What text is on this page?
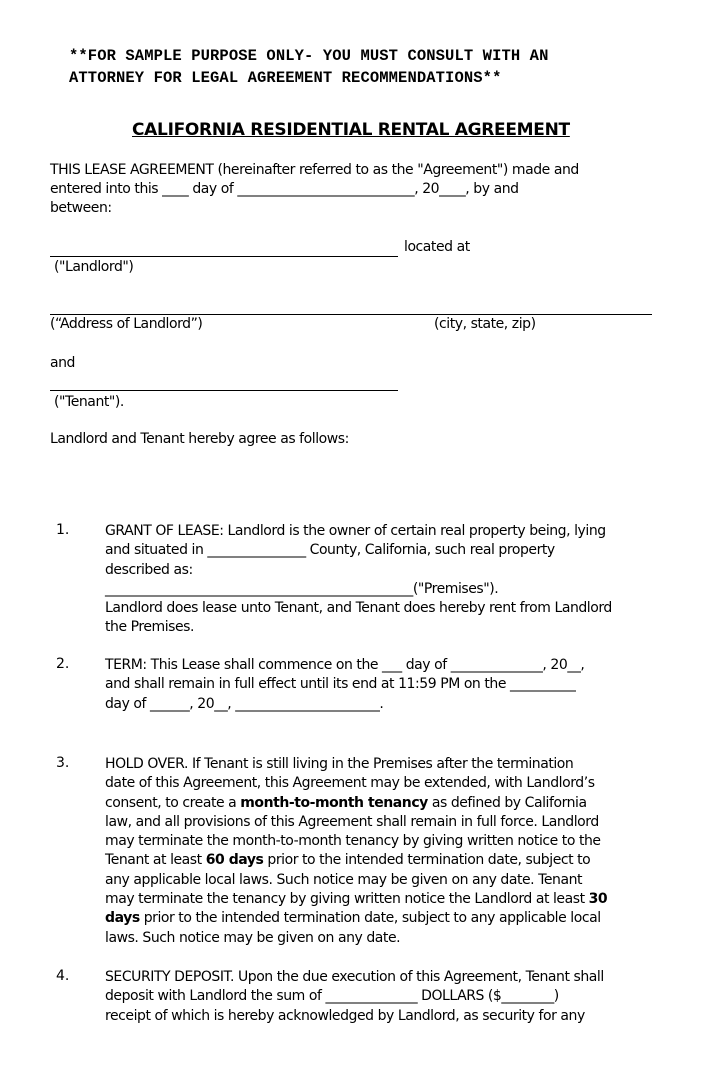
**FOR SAMPLE PURPOSE ONLY- YOU MUST CONSULT WITH AN
ATTORNEY FOR LEGAL AGREEMENT RECOMMENDATIONS**
CALIFORNIA RESIDENTIAL RENTAL AGREEMENT
THIS LEASE AGREEMENT (hereinafter referred to as the "Agreement") made and
entered into this ____ day of ___________________________, 20____, by and
between:
located at
("Landlord")
(“Address of Landlord”)	(city, state, zip)
and
("Tenant").
Landlord and Tenant hereby agree as follows:
1.	GRANT OF LEASE: Landlord is the owner of certain real property being, lying
and situated in _______________ County, California, such real property
described as:
_______________________________________________("Premises").
Landlord does lease unto Tenant, and Tenant does hereby rent from Landlord
the Premises.
2.	TERM: This Lease shall commence on the ___ day of ______________, 20__,
and shall remain in full effect until its end at 11:59 PM on the __________
day of ______, 20__, ______________________.
3.	HOLD OVER. If Tenant is still living in the Premises after the termination
date of this Agreement, this Agreement may be extended, with Landlord’s
consent, to create a month-to-month tenancy as defined by California
law, and all provisions of this Agreement shall remain in full force. Landlord
may terminate the month-to-month tenancy by giving written notice to the
Tenant at least 60 days prior to the intended termination date, subject to
any applicable local laws. Such notice may be given on any date. Tenant
may terminate the tenancy by giving written notice the Landlord at least 30
days prior to the intended termination date, subject to any applicable local
laws. Such notice may be given on any date.
4.	SECURITY DEPOSIT. Upon the due execution of this Agreement, Tenant shall
deposit with Landlord the sum of ______________ DOLLARS ($________)
receipt of which is hereby acknowledged by Landlord, as security for any
